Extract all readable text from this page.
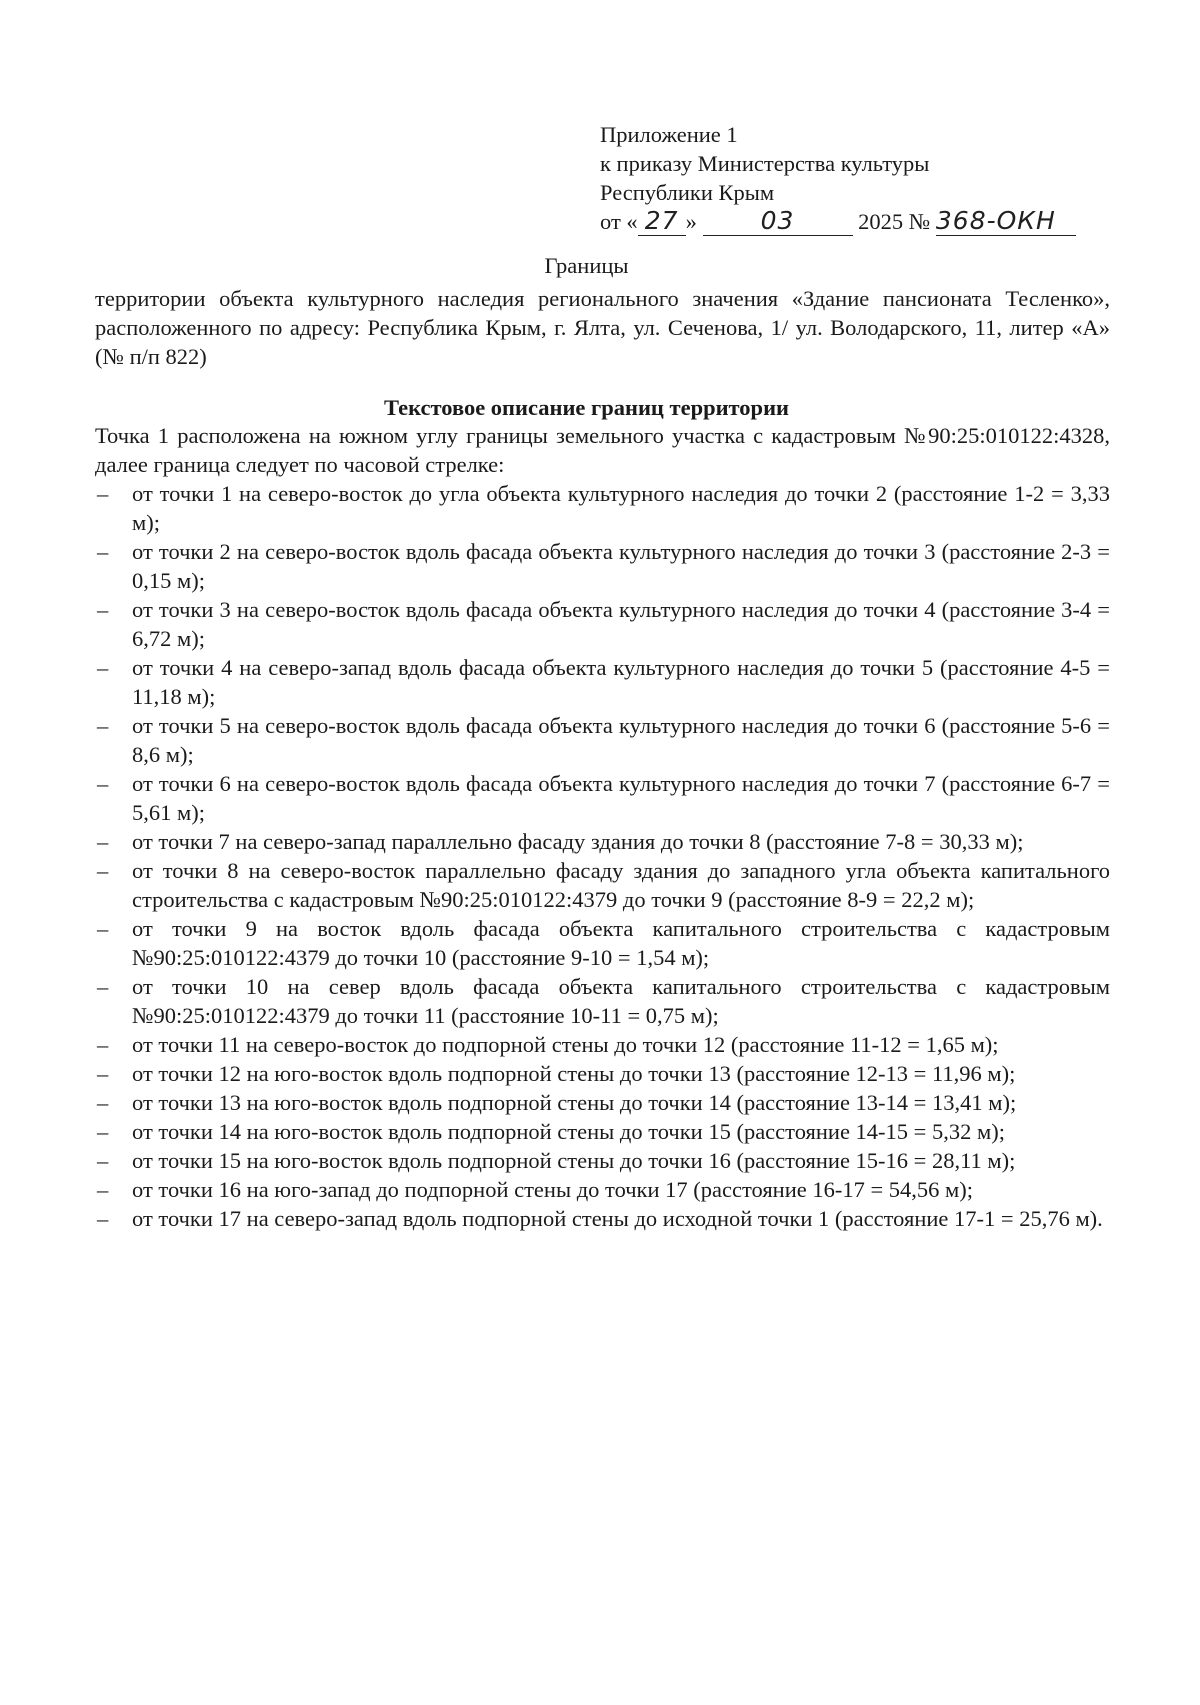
Приложение 1
к приказу Министерства культуры
Республики Крым
от « 27 »	03	2025 № 368-ОКН
Границы
территории объекта культурного наследия регионального значения «Здание пансионата Тесленко», расположенного по адресу: Республика Крым, г. Ялта, ул. Сеченова, 1/ ул. Володарского, 11, литер «А» (№ п/п 822)
Текстовое описание границ территории

Точка 1 расположена на южном углу границы земельного участка с кадастровым №90:25:010122:4328, далее граница следует по часовой стрелке:

– от точки 1 на северо-восток до угла объекта культурного наследия до точки 2 (расстояние 1-2 = 3,33 м);
– от точки 2 на северо-восток вдоль фасада объекта культурного наследия до точки 3 (расстояние 2-3 = 0,15 м);
– от точки 3 на северо-восток вдоль фасада объекта культурного наследия до точки 4 (расстояние 3-4 = 6,72 м);
– от точки 4 на северо-запад вдоль фасада объекта культурного наследия до точки 5 (расстояние 4-5 = 11,18 м);
– от точки 5 на северо-восток вдоль фасада объекта культурного наследия до точки 6 (расстояние 5-6 = 8,6 м);
– от точки 6 на северо-восток вдоль фасада объекта культурного наследия до точки 7 (расстояние 6-7 = 5,61 м);
– от точки 7 на северо-запад параллельно фасаду здания до точки 8 (расстояние 7-8 = 30,33 м);
– от точки 8 на северо-восток параллельно фасаду здания до западного угла объекта капитального строительства с кадастровым №90:25:010122:4379 до точки 9 (расстояние 8-9 = 22,2 м);
– от точки 9 на восток вдоль фасада объекта капитального строительства с кадастровым №90:25:010122:4379 до точки 10 (расстояние 9-10 = 1,54 м);
– от точки 10 на север вдоль фасада объекта капитального строительства с кадастровым №90:25:010122:4379 до точки 11 (расстояние 10-11 = 0,75 м);
– от точки 11 на северо-восток до подпорной стены до точки 12 (расстояние 11-12 = 1,65 м);
– от точки 12 на юго-восток вдоль подпорной стены до точки 13 (расстояние 12-13 = 11,96 м);
– от точки 13 на юго-восток вдоль подпорной стены до точки 14 (расстояние 13-14 = 13,41 м);
– от точки 14 на юго-восток вдоль подпорной стены до точки 15 (расстояние 14-15 = 5,32 м);
– от точки 15 на юго-восток вдоль подпорной стены до точки 16 (расстояние 15-16 = 28,11 м);
– от точки 16 на юго-запад до подпорной стены до точки 17 (расстояние 16-17 = 54,56 м);
– от точки 17 на северо-запад вдоль подпорной стены до исходной точки 1 (расстояние 17-1 = 25,76 м).
